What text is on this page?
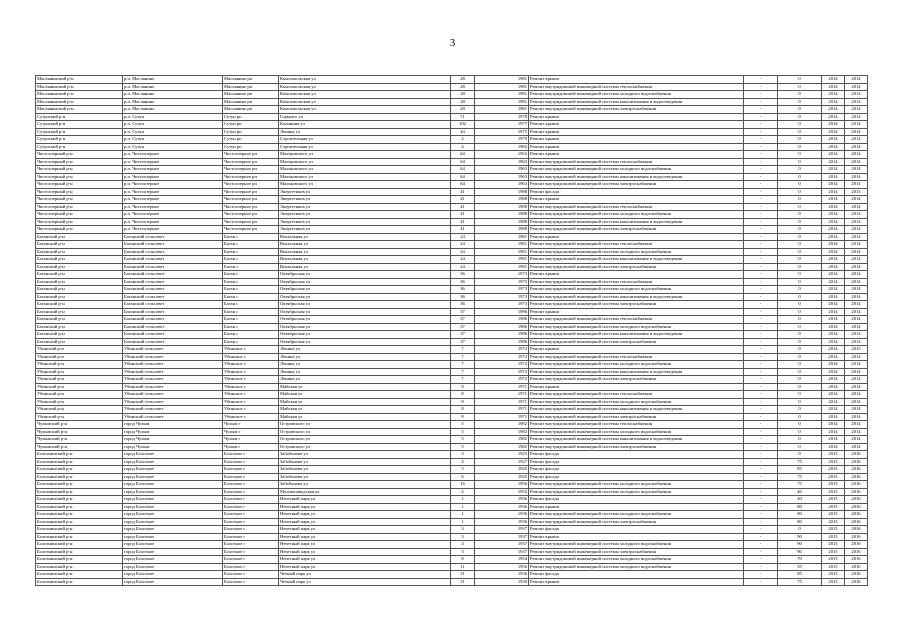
3
Маслянинский р-н	р.п. Маслянино	Маслянино рп	Комсомольская ул	28	1981	Ремонт крыши	-	0	2014	2014
Маслянинский р-н	р.п. Маслянино	Маслянино рп	Комсомольская ул	28	1981	Ремонт внутридомовой инженерной системы теплоснабжения	-	0	2014	2014
Маслянинский р-н	р.п. Маслянино	Маслянино рп	Комсомольская ул	28	1981	Ремонт внутридомовой инженерной системы холодного водоснабжения	-	0	2014	2014
Маслянинский р-н	р.п. Маслянино	Маслянино рп	Комсомольская ул	28	1981	Ремонт внутридомовой инженерной системы канализования и водоотведения	-	0	2014	2014
Маслянинский р-н	р.п. Маслянино	Маслянино рп	Комсомольская ул	28	1981	Ремонт внутридомовой инженерной системы электроснабжения	-	0	2014	2014
Сузунский р-н	р.п. Сузун	Сузун рп	Горького ул	71	1978	Ремонт крыши	-	0	2014	2014
Сузунский р-н	р.п. Сузун	Сузун рп	Калинина ул	102	1977	Ремонт крыши	-	0	2014	2014
Сузунский р-н	р.п. Сузун	Сузун рп	Ленина ул	44	1975	Ремонт крыши	-	0	2014	2014
Сузунский р-н	р.п. Сузун	Сузун рп	Строительная ул	2	1979	Ремонт крыши	-	0	2014	2014
Сузунский р-н	р.п. Сузун	Сузун рп	Строительная ул	4	1982	Ремонт крыши	-	0	2014	2014
Чистоозерный р-н	р.п. Чистоозерное	Чистоозерное рп	Мальковского ул	64	1963	Ремонт крыши	-	0	2014	2014
Чистоозерный р-н	р.п. Чистоозерное	Чистоозерное рп	Мальковского ул	64	1963	Ремонт внутридомовой инженерной системы теплоснабжения	-	0	2014	2014
Чистоозерный р-н	р.п. Чистоозерное	Чистоозерное рп	Мальковского ул	64	1963	Ремонт внутридомовой инженерной системы холодного водоснабжения	-	0	2014	2014
Чистоозерный р-н	р.п. Чистоозерное	Чистоозерное рп	Мальковского ул	64	1963	Ремонт внутридомовой инженерной системы канализования и водоотведения	-	0	2014	2014
Чистоозерный р-н	р.п. Чистоозерное	Чистоозерное рп	Мальковского ул	64	1963	Ремонт внутридомовой инженерной системы электроснабжения	-	0	2014	2014
Чистоозерный р-н	р.п. Чистоозерное	Чистоозерное рп	Энергетиков ул	41	1988	Ремонт фасада	-	0	2014	2015
Чистоозерный р-н	р.п. Чистоозерное	Чистоозерное рп	Энергетиков ул	41	1988	Ремонт крыши	-	0	2014	2014
Чистоозерный р-н	р.п. Чистоозерное	Чистоозерное рп	Энергетиков ул	41	1988	Ремонт внутридомовой инженерной системы теплоснабжения	-	0	2014	2014
Чистоозерный р-н	р.п. Чистоозерное	Чистоозерное рп	Энергетиков ул	41	1988	Ремонт внутридомовой инженерной системы холодного водоснабжения	-	0	2014	2014
Чистоозерный р-н	р.п. Чистоозерное	Чистоозерное рп	Энергетиков ул	41	1988	Ремонт внутридомовой инженерной системы канализования и водоотведения	-	0	2014	2014
Чистоозерный р-н	р.п. Чистоозерное	Чистоозерное рп	Энергетиков ул	41	1988	Ремонт внутридомовой инженерной системы электроснабжения	-	0	2014	2014
Баганский р-н	Баганский сельсовет	Баган с	Вокзальная ул	24	1981	Ремонт крыши	-	0	2014	2014
Баганский р-н	Баганский сельсовет	Баган с	Вокзальная ул	24	1981	Ремонт внутридомовой инженерной системы теплоснабжения	-	0	2014	2014
Баганский р-н	Баганский сельсовет	Баган с	Вокзальная ул	24	1981	Ремонт внутридомовой инженерной системы холодного водоснабжения	-	0	2014	2014
Баганский р-н	Баганский сельсовет	Баган с	Вокзальная ул	24	1981	Ремонт внутридомовой инженерной системы канализования и водоотведения	-	0	2014	2014
Баганский р-н	Баганский сельсовет	Баган с	Вокзальная ул	24	1981	Ремонт внутридомовой инженерной системы электроснабжения	-	0	2014	2014
Баганский р-н	Баганский сельсовет	Баган с	Октябрьская ул	36	1973	Ремонт крыши	-	0	2014	2014
Баганский р-н	Баганский сельсовет	Баган с	Октябрьская ул	36	1973	Ремонт внутридомовой инженерной системы теплоснабжения	-	0	2014	2014
Баганский р-н	Баганский сельсовет	Баган с	Октябрьская ул	36	1973	Ремонт внутридомовой инженерной системы холодного водоснабжения	-	0	2014	2014
Баганский р-н	Баганский сельсовет	Баган с	Октябрьская ул	36	1973	Ремонт внутридомовой инженерной системы канализования и водоотведения	-	0	2014	2014
Баганский р-н	Баганский сельсовет	Баган с	Октябрьская ул	36	1973	Ремонт внутридомовой инженерной системы электроснабжения	-	0	2014	2014
Баганский р-н	Баганский сельсовет	Баган с	Октябрьская ул	37	1986	Ремонт крыши	-	0	2014	2014
Баганский р-н	Баганский сельсовет	Баган с	Октябрьская ул	37	1986	Ремонт внутридомовой инженерной системы теплоснабжения	-	0	2014	2014
Баганский р-н	Баганский сельсовет	Баган с	Октябрьская ул	37	1986	Ремонт внутридомовой инженерной системы холодного водоснабжения	-	0	2014	2014
Баганский р-н	Баганский сельсовет	Баган с	Октябрьская ул	37	1986	Ремонт внутридомовой инженерной системы канализования и водоотведения	-	0	2014	2014
Баганский р-н	Баганский сельсовет	Баган с	Октябрьская ул	37	1986	Ремонт внутридомовой инженерной системы электроснабжения	-	0	2014	2014
Убинский р-н	Убинский сельсовет	Убинское с	Ленина ул	7	1972	Ремонт крыши	-	0	2014	2015
Убинский р-н	Убинский сельсовет	Убинское с	Ленина ул	7	1972	Ремонт внутридомовой инженерной системы теплоснабжения	-	0	2014	2014
Убинский р-н	Убинский сельсовет	Убинское с	Ленина ул	7	1972	Ремонт внутридомовой инженерной системы холодного водоснабжения	-	0	2014	2014
Убинский р-н	Убинский сельсовет	Убинское с	Ленина ул	7	1972	Ремонт внутридомовой инженерной системы канализования и водоотведения	-	0	2014	2014
Убинский р-н	Убинский сельсовет	Убинское с	Ленина ул	7	1972	Ремонт внутридомовой инженерной системы электроснабжения	-	0	2014	2014
Убинский р-н	Убинский сельсовет	Убинское с	Майская ул	8	1971	Ремонт крыши	-	0	2014	2014
Убинский р-н	Убинский сельсовет	Убинское с	Майская ул	8	1971	Ремонт внутридомовой инженерной системы теплоснабжения	-	0	2014	2014
Убинский р-н	Убинский сельсовет	Убинское с	Майская ул	8	1971	Ремонт внутридомовой инженерной системы холодного водоснабжения	-	0	2014	2014
Убинский р-н	Убинский сельсовет	Убинское с	Майская ул	8	1971	Ремонт внутридомовой инженерной системы канализования и водоотведения	-	0	2014	2014
Убинский р-н	Убинский сельсовет	Убинское с	Майская ул	8	1971	Ремонт внутридомовой инженерной системы электроснабжения	-	0	2014	2014
Чулымский р-н	город Чулым	Чулым г	Островского ул	5	1982	Ремонт внутридомовой инженерной системы теплоснабжения	-	0	2014	2014
Чулымский р-н	город Чулым	Чулым г	Островского ул	5	1982	Ремонт внутридомовой инженерной системы холодного водоснабжения	-	0	2014	2014
Чулымский р-н	город Чулым	Чулым г	Островского ул	5	1982	Ремонт внутридомовой инженерной системы канализования и водоотведения	-	0	2014	2014
Чулымский р-н	город Чулым	Чулым г	Островского ул	5	1982	Ремонт внутридомовой инженерной системы электроснабжения	-	0	2014	2014
Болотнинский р-н	город Болотное	Болотное г	Забабонова ул	3	1925	Ремонт фасада	-	0	2015	2016
Болотнинский р-н	город Болотное	Болотное г	Забабонова ул	4	1927	Ремонт фасада	-	75	2015	2016
Болотнинский р-н	город Болотное	Болотное г	Забабонова ул	5	1925	Ремонт фасада	-	85	2015	2016
Болотнинский р-н	город Болотное	Болотное г	Забабонова ул	6	1925	Ремонт фасада	-	75	2015	2016
Болотнинский р-н	город Болотное	Болотное г	Забабонова ул	16	1956	Ремонт внутридомовой инженерной системы холодного водоснабжения	-	75	2015	2016
Болотнинский р-н	город Болотное	Болотное г	Молокозаводская ул	2	1952	Ремонт внутридомовой инженерной системы холодного водоснабжения	-	40	2015	2016
Болотнинский р-н	город Болотное	Болотное г	Нечетный парк ул	1	1936	Ремонт фасада	-	40	2015	2016
Болотнинский р-н	город Болотное	Болотное г	Нечетный парк ул	1	1936	Ремонт крыши	-	80	2015	2016
Болотнинский р-н	город Болотное	Болотное г	Нечетный парк ул	1	1936	Ремонт внутридомовой инженерной системы холодного водоснабжения	-	80	2015	2016
Болотнинский р-н	город Болотное	Болотное г	Нечетный парк ул	1	1936	Ремонт внутридомовой инженерной системы электроснабжения	-	80	2015	2016
Болотнинский р-н	город Болотное	Болотное г	Нечетный парк ул	3	1937	Ремонт фасада	-	0	2015	2016
Болотнинский р-н	город Болотное	Болотное г	Нечетный парк ул	3	1937	Ремонт крыши	-	90	2015	2016
Болотнинский р-н	город Болотное	Болотное г	Нечетный парк ул	3	1937	Ремонт внутридомовой инженерной системы холодного водоснабжения	-	90	2015	2016
Болотнинский р-н	город Болотное	Болотное г	Нечетный парк ул	3	1937	Ремонт внутридомовой инженерной системы электроснабжения	-	90	2015	2016
Болотнинский р-н	город Болотное	Болотное г	Нечетный парк ул	8	1954	Ремонт внутридомовой инженерной системы холодного водоснабжения	-	70	2015	2016
Болотнинский р-н	город Болотное	Болотное г	Нечетный парк ул	11	1956	Ремонт внутридомовой инженерной системы холодного водоснабжения	-	35	2015	2016
Болотнинский р-н	город Болотное	Болотное г	Четный парк ул	31	1936	Ремонт фасада	-	85	2015	2016
Болотнинский р-н	город Болотное	Болотное г	Четный парк ул	31	1930	Ремонт крыши	-	75	2015	2016
